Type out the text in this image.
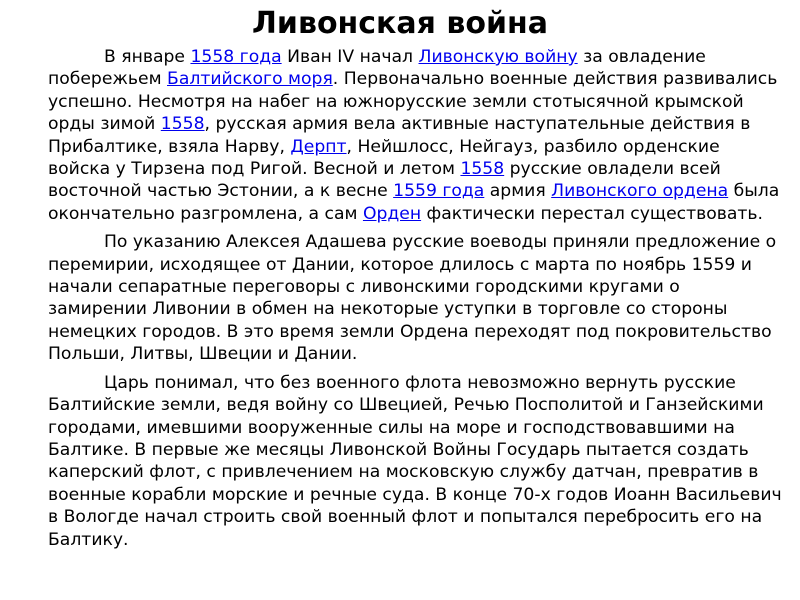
Ливонская война

В январе 1558 года Иван IV начал Ливонскую войну за овладение побережьем Балтийского моря. Первоначально военные действия развивались успешно. Несмотря на набег на южнорусские земли стотысячной крымской орды зимой 1558, русская армия вела активные наступательные действия в Прибалтике, взяла Нарву, Дерпт, Нейшлосс, Нейгауз, разбило орденские войска у Тирзена под Ригой. Весной и летом 1558 русские овладели всей восточной частью Эстонии, а к весне 1559 года армия Ливонского ордена была окончательно разгромлена, а сам Орден фактически перестал существовать.

По указанию Алексея Адашева русские воеводы приняли предложение о перемирии, исходящее от Дании, которое длилось с марта по ноябрь 1559 и начали сепаратные переговоры с ливонскими городскими кругами о замирении Ливонии в обмен на некоторые уступки в торговле со стороны немецких городов. В это время земли Ордена переходят под покровительство Польши, Литвы, Швеции и Дании.

Царь понимал, что без военного флота невозможно вернуть русские Балтийские земли, ведя войну со Швецией, Речью Посполитой и Ганзейскими городами, имевшими вооруженные силы на море и господствовавшими на Балтике. В первые же месяцы Ливонской Войны Государь пытается создать каперский флот, с привлечением на московскую службу датчан, превратив в военные корабли морские и речные суда. В конце 70-х годов Иоанн Васильевич в Вологде начал строить свой военный флот и попытался перебросить его на Балтику.
